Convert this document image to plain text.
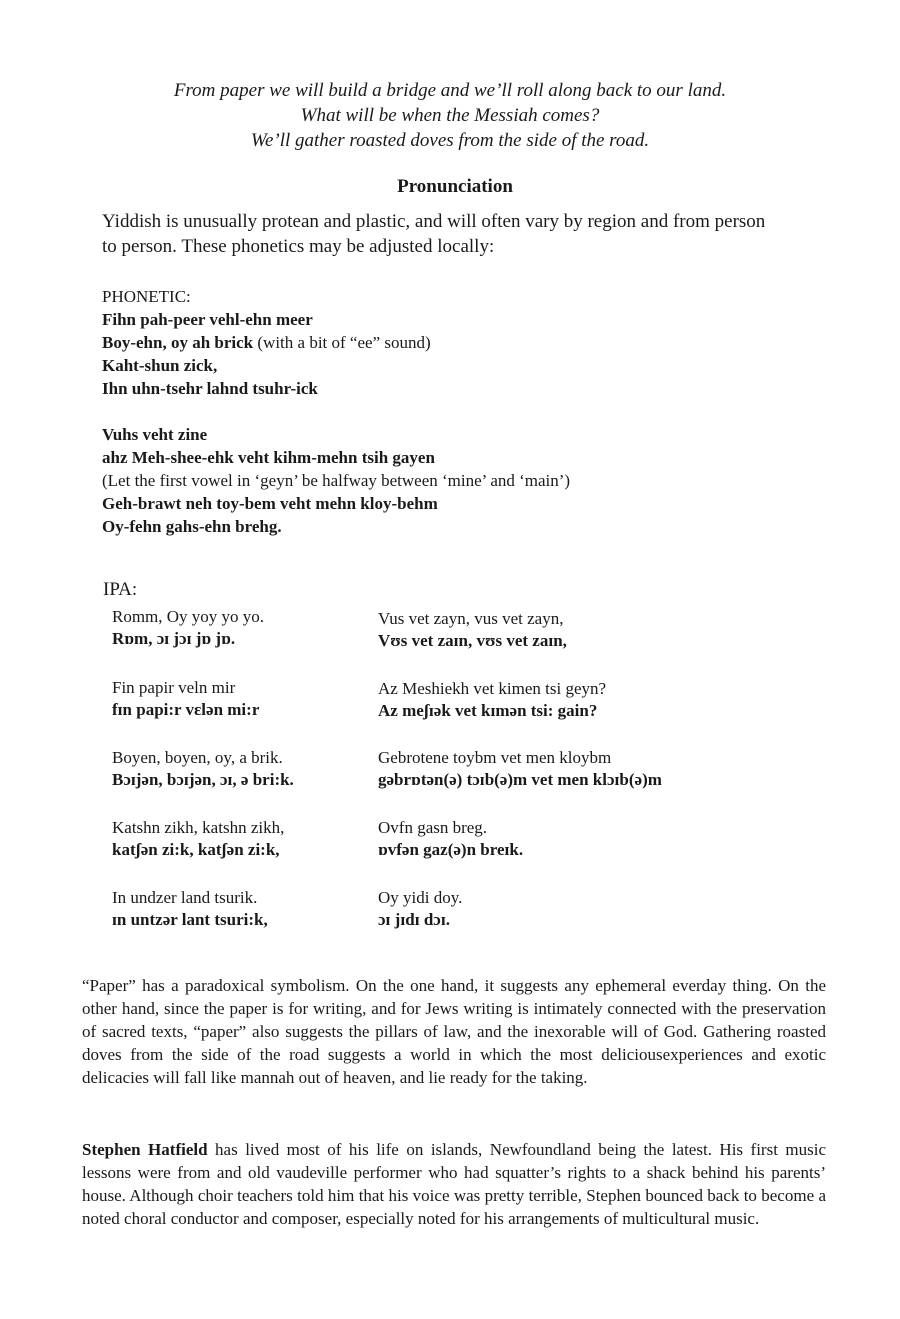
From paper we will build a bridge and we’ll roll along back to our land.
What will be when the Messiah comes?
We’ll gather roasted doves from the side of the road.
Pronunciation
Yiddish is unusually protean and plastic, and will often vary by region and from person
to person. These phonetics may be adjusted locally:
PHONETIC:
Fihn pah-peer vehl-ehn meer
Boy-ehn, oy ah brick (with a bit of “ee” sound)
Kaht-shun zick,
Ihn uhn-tsehr lahnd tsuhr-ick
Vuhs veht zine
ahz Meh-shee-ehk veht kihm-mehn tsih gayen
(Let the first vowel in ‘geyn’ be halfway between ‘mine’ and ‘main’)
Geh-brawt neh toy-bem veht mehn kloy-behm
Oy-fehn gahs-ehn brehg.
IPA:
Romm, Oy yoy yo yo.
Rɒm, ɔɪ jɔɪ jɒ jɒ.
Fin papir veln mir
fɪn papi:r vɛlən mi:r
Boyen, boyen, oy, a brik.
Bɔɪjən, bɔɪjən, ɔɪ, ə bri:k.
Katshn zikh, katshn zikh,
katʃən zi:k, katʃən zi:k,
In undzer land tsurik.
ɪn untzər lant tsuri:k,
Vus vet zayn, vus vet zayn,
Vʊs vet zaɪn, vʊs vet zaɪn,
Az Meshiekh vet kimen tsi geyn?
Az meʃɪək vet kɪmən tsi: gain?
Gebrotene toybm vet men kloybm
gəbrɒtən(ə) tɔɪb(ə)m vet men klɔɪb(ə)m
Ovfn gasn breg.
ɒvfən gaz(ə)n breɪk.
Oy yidi doy.
ɔɪ jɪdɪ dɔɪ.
“Paper” has a paradoxical symbolism. On the one hand, it suggests any ephemeral everday thing. On the other hand, since the paper is for writing, and for Jews writing is intimately connected with the preservation of sacred texts, “paper” also suggests the pillars of law, and the inexorable will of God. Gathering roasted doves from the side of the road suggests a world in which the most deliciousexperiences and exotic delicacies will fall like mannah out of heaven, and lie ready for the taking.
Stephen Hatfield has lived most of his life on islands, Newfoundland being the latest. His first music lessons were from and old vaudeville performer who had squatter’s rights to a shack behind his parents’ house. Although choir teachers told him that his voice was pretty terrible, Stephen bounced back to become a noted choral conductor and composer, especially noted for his arrangements of multicultural music.
